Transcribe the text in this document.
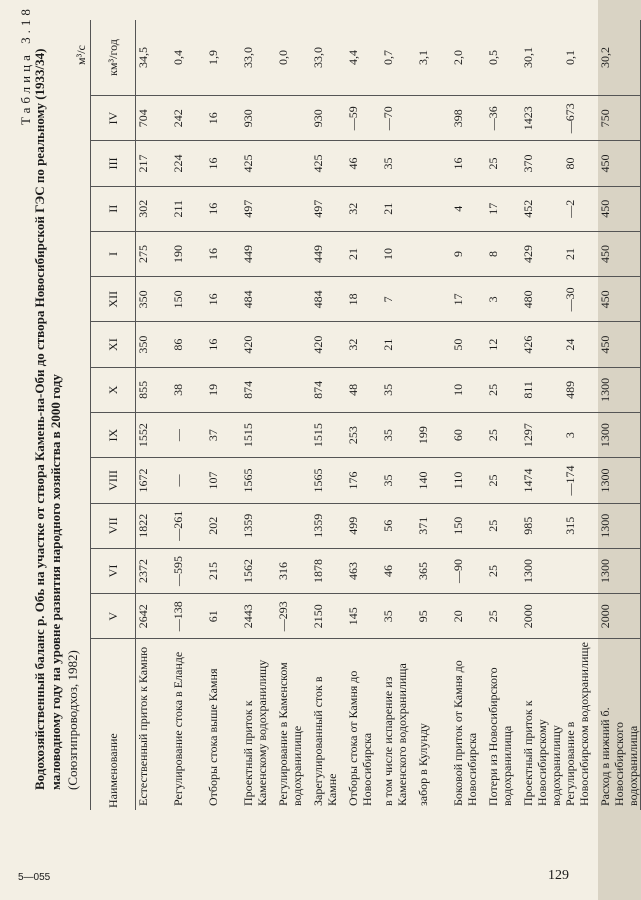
Таблица 3.18 Водохозяйственный баланс р. Обь на участке от створа Камень-на-Оби до створа Новосибирской ГЭС по реальному (1933/34) маловодному году на уровне развития народного хозяйства в 2000 году (Союзгипроводхоз, 1982)
м³/с
Наименование	V	VI	VII	VIII	IX	X	XI	XII	I	II	III	IV	км³/год
Естественный приток к Камню	2642	2372	1822	1672	1552	855	350	350	275	302	217	704	34,5
Регулирование стока в Еланде	—138	—595	—261	—	—	38	86	150	190	211	224	242	0,4
Отборы стока выше Камня	61	215	202	107	37	19	16	16	16	16	16	16	1,9
Проектный приток к Каменскому водохранилищу	2443	1562	1359	1565	1515	874	420	484	449	497	425	930	33,0
Регулирование в Каменском водохранилище	—293	316											0,0
Зарегулированный сток в Камне	2150	1878	1359	1565	1515	874	420	484	449	497	425	930	33,0
Отборы стока от Камня до Новосибирска	145	463	499	176	253	48	32	18	21	32	46	—59	4,4
в том числе испарение из Каменского водохранилища	35	46	56	35	35	35	21	7	10	21	35	—70	0,7
забор в Кулунду	95	365	371	140	199								3,1
Боковой приток от Камня до Новосибирска	20	—90	150	110	60	10	50	17	9	4	16	398	2,0
Потери из Новосибирского водохранилища	25	25	25	25	25	25	12	3	8	17	25	—36	0,5
Проектный приток к Новосибирскому водохранилищу	2000	1300	985	1474	1297	811	426	480	429	452	370	1423	30,1
Регулирование в Новосибирском водохранилище			315	—174	3	489	24	—30	21	—2	80	—673	0,1
Расход в нижний б. Новосибирского водохранилища	2000	1300	1300	1300	1300	1300	450	450	450	450	450	750	30,2
5—055	129
